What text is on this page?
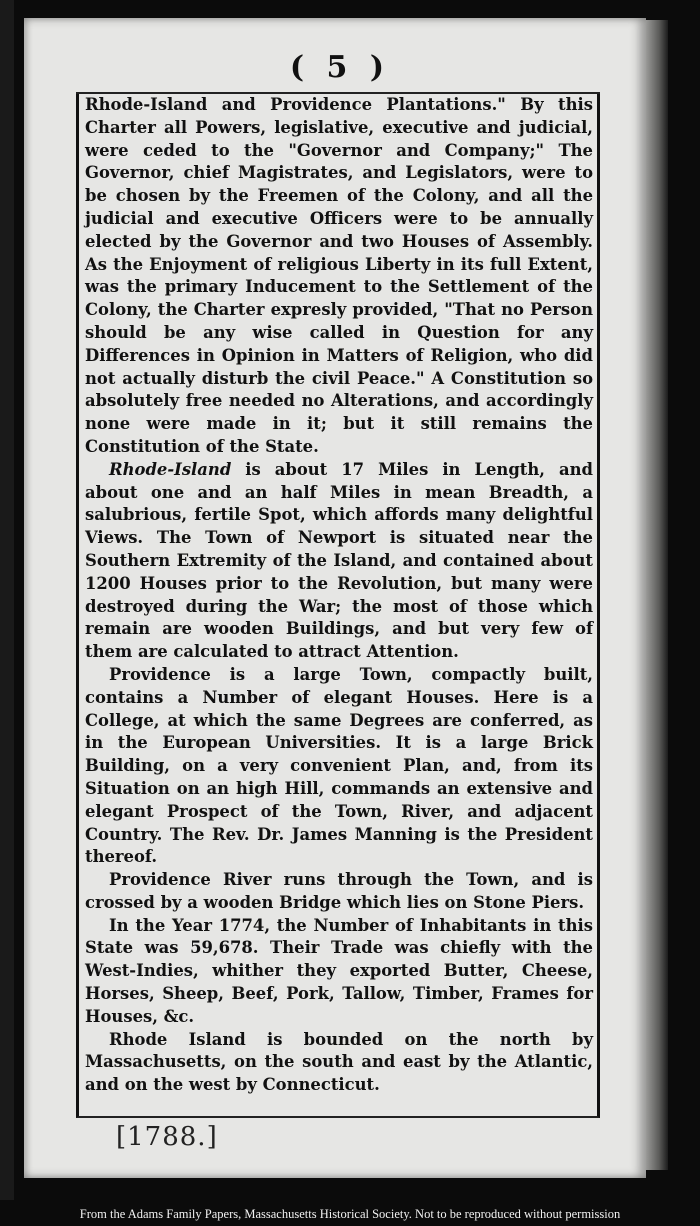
( 5 )

Rhode-Island and Providence Plantations." By this Charter all Powers, legislative, executive and judicial, were ceded to the "Governor and Company;" The Governor, chief Magistrates, and Legislators, were to be chosen by the Freemen of the Colony, and all the judicial and executive Officers were to be annually elected by the Governor and two Houses of Assembly. As the Enjoyment of religious Liberty in its full Extent, was the primary Inducement to the Settlement of the Colony, the Charter expresly provided, "That no Person should be any wise called in Question for any Differences in Opinion in Matters of Religion, who did not actually disturb the civil Peace." A Constitution so absolutely free needed no Alterations, and accordingly none were made in it; but it still remains the Constitution of the State.

Rhode-Island is about 17 Miles in Length, and about one and an half Miles in mean Breadth, a salubrious, fertile Spot, which affords many delightful Views. The Town of Newport is situated near the Southern Extremity of the Island, and contained about 1200 Houses prior to the Revolution, but many were destroyed during the War; the most of those which remain are wooden Buildings, and but very few of them are calculated to attract Attention.

Providence is a large Town, compactly built, contains a Number of elegant Houses. Here is a College, at which the same Degrees are conferred, as in the European Universities. It is a large Brick Building, on a very convenient Plan, and, from its Situation on an high Hill, commands an extensive and elegant Prospect of the Town, River, and adjacent Country. The Rev. Dr. James Manning is the President thereof.

Providence River runs through the Town, and is crossed by a wooden Bridge which lies on Stone Piers.

In the Year 1774, the Number of Inhabitants in this State was 59,678. Their Trade was chiefly with the West-Indies, whither they exported Butter, Cheese, Horses, Sheep, Beef, Pork, Tallow, Timber, Frames for Houses, &c.

Rhode Island is bounded on the north by Massachusetts, on the south and east by the Atlantic, and on the west by Connecticut.

[1788.]
From the Adams Family Papers, Massachusetts Historical Society. Not to be reproduced without permission
